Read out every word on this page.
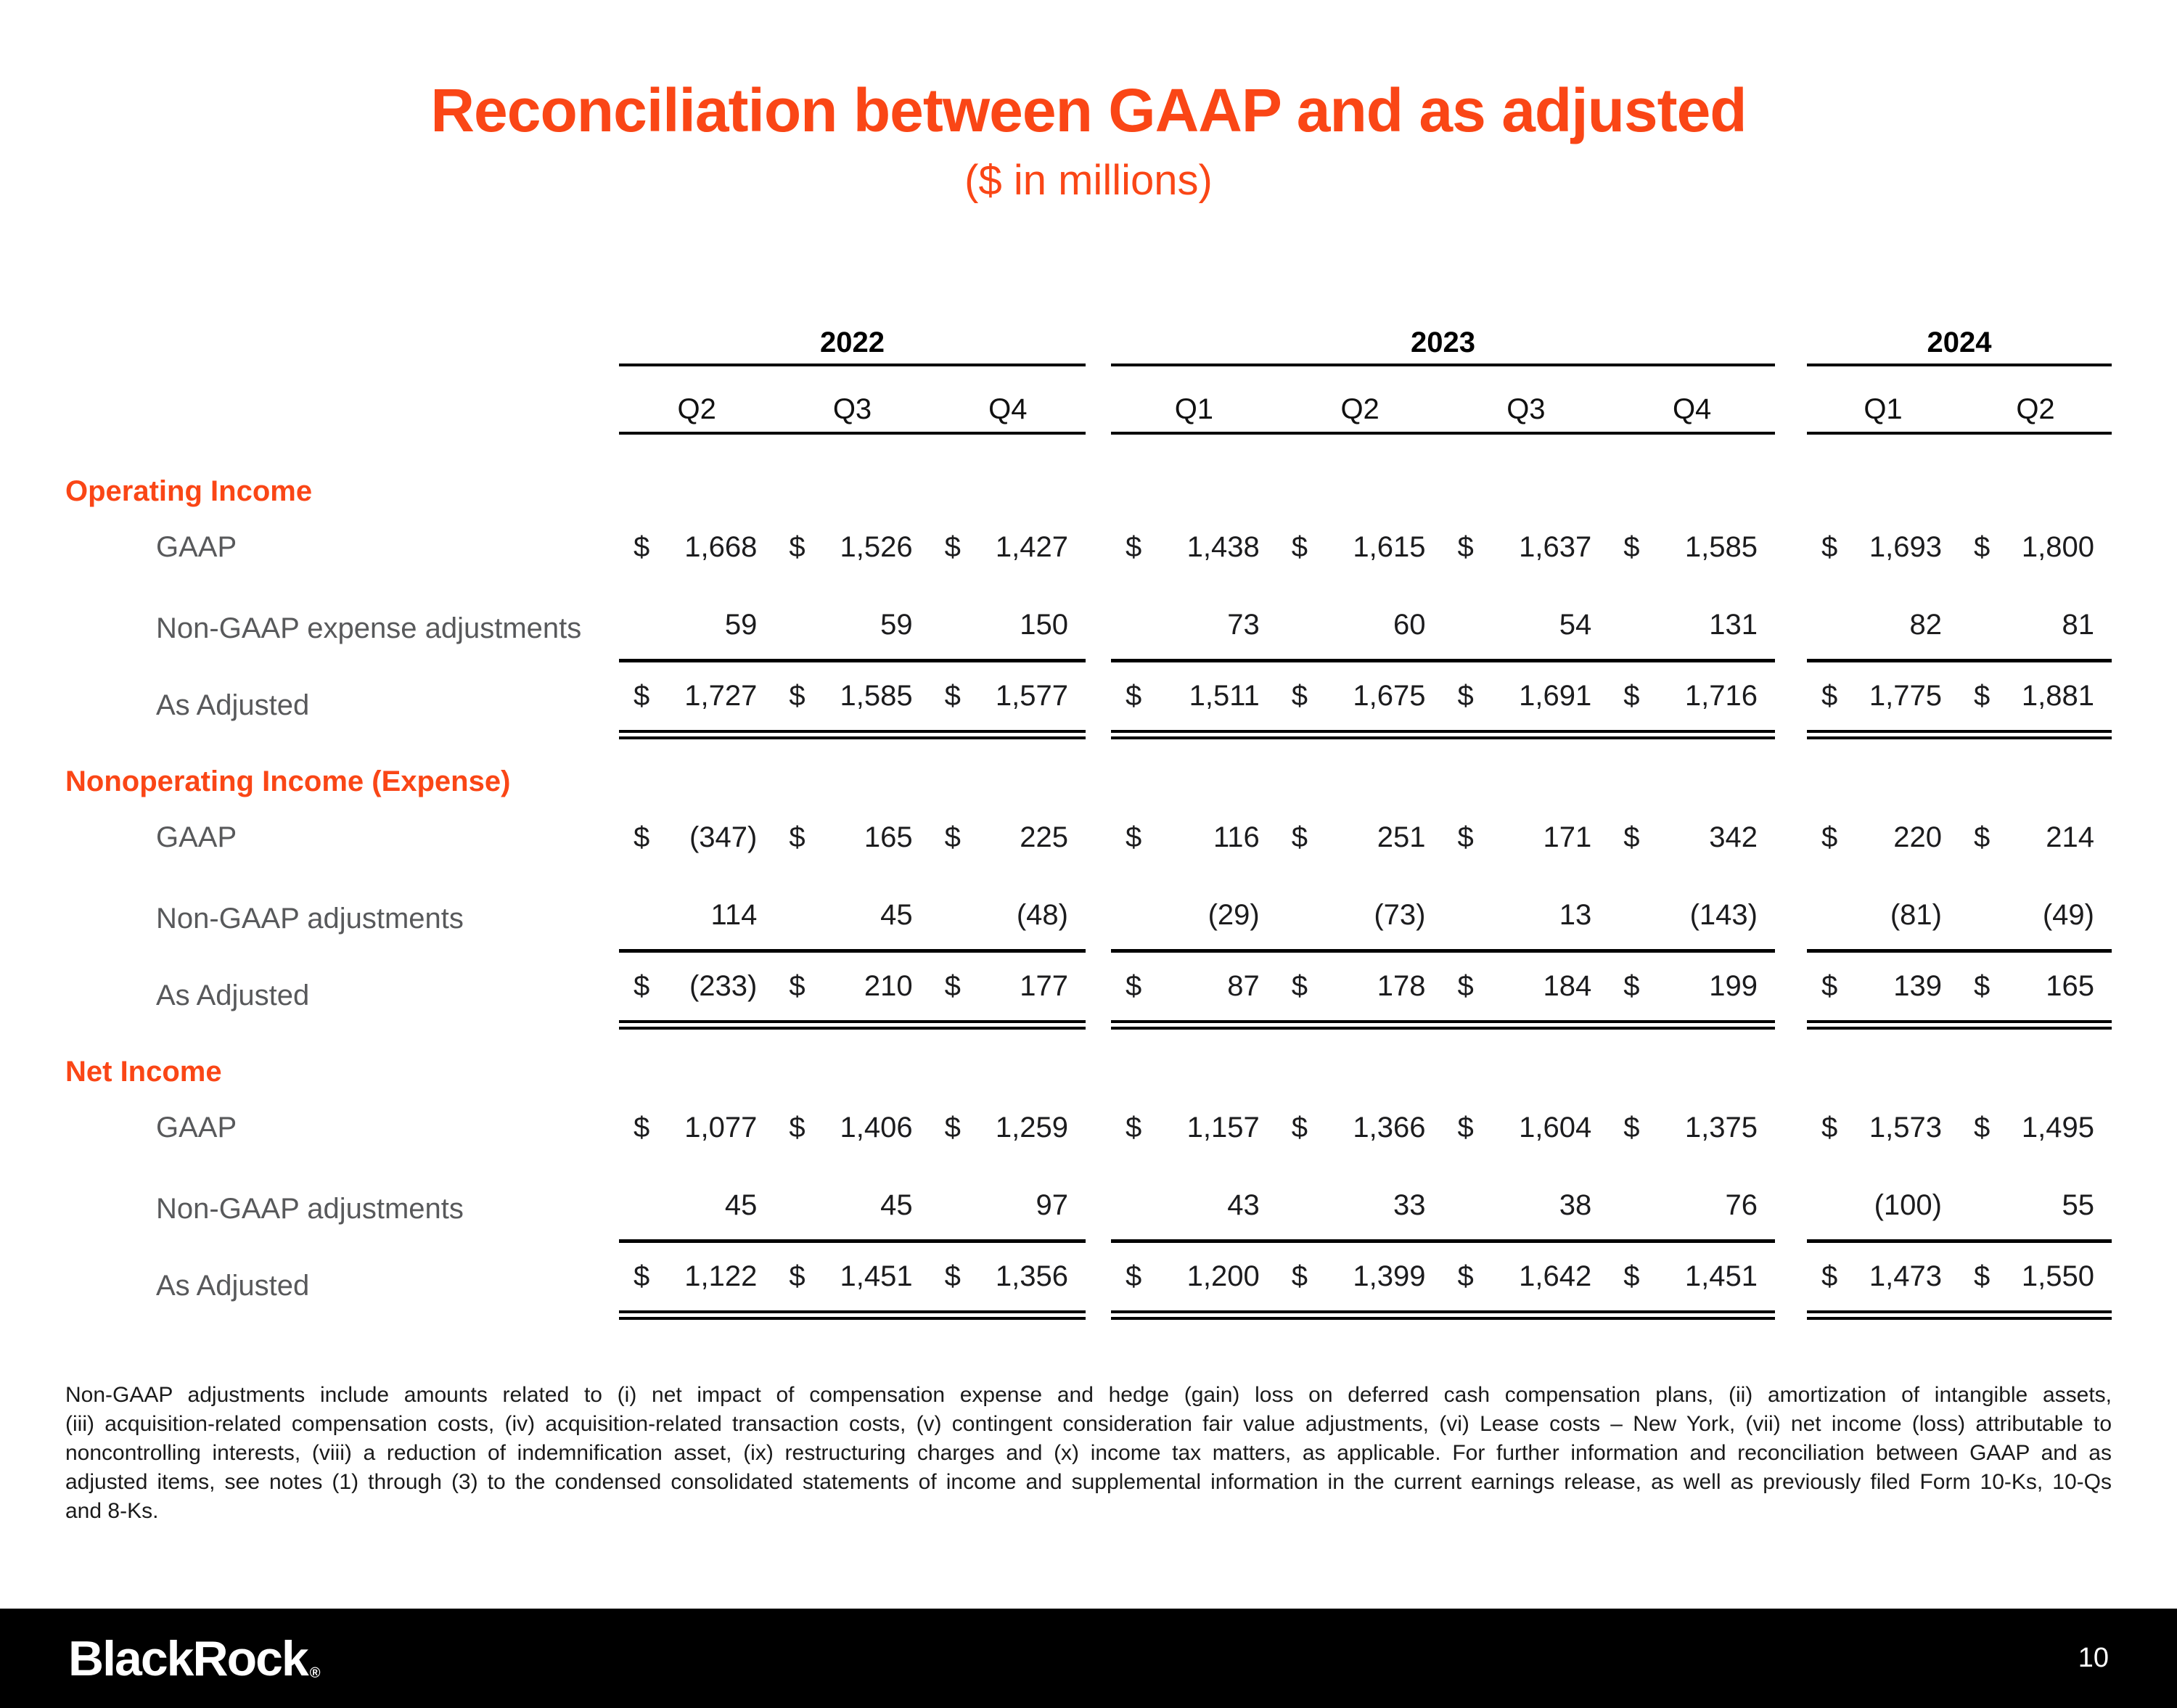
Reconciliation between GAAP and as adjusted
($ in millions)
2022	2023	2024
Q2	Q3	Q4	Q1	Q2	Q3	Q4	Q1	Q2
Operating Income
GAAP	$ 1,668 $ 1,526 $ 1,427 $ 1,438 $ 1,615 $ 1,637 $ 1,585 $ 1,693 $ 1,800
Non-GAAP expense adjustments	59	59	150	73	60	54	131	82	81
As Adjusted	$ 1,727 $ 1,585 $ 1,577 $ 1,511 $ 1,675 $ 1,691 $ 1,716 $ 1,775 $ 1,881
Nonoperating Income (Expense)
GAAP	$ (347) $ 165 $ 225 $ 116 $ 251 $ 171 $ 342 $ 220 $ 214
Non-GAAP adjustments	114	45	(48)	(29)	(73)	13	(143)	(81)	(49)
As Adjusted	$ (233) $ 210 $ 177 $	87 $ 178 $ 184 $ 199 $ 139 $ 165
Net Income
GAAP	$ 1,077 $ 1,406 $ 1,259 $ 1,157 $ 1,366 $ 1,604 $ 1,375 $ 1,573 $ 1,495
Non-GAAP adjustments	45	45	97	43	33	38	76	(100)	55
As Adjusted	$ 1,122 $ 1,451 $ 1,356 $ 1,200 $ 1,399 $ 1,642 $ 1,451 $ 1,473 $ 1,550
Non-GAAP adjustments include amounts related to (i) net impact of compensation expense and hedge (gain) loss on deferred cash compensation plans, (ii) amortization of intangible assets,
(iii) acquisition-related compensation costs, (iv) acquisition-related transaction costs, (v) contingent consideration fair value adjustments, (vi) Lease costs – New York, (vii) net income (loss) attributable to
noncontrolling interests, (viii) a reduction of indemnification asset, (ix) restructuring charges and (x) income tax matters, as applicable. For further information and reconciliation between GAAP and as
adjusted items, see notes (1) through (3) to the condensed consolidated statements of income and supplemental information in the current earnings release, as well as previously filed Form 10-Ks, 10-Qs
and 8-Ks.
BlackRock ®	10
